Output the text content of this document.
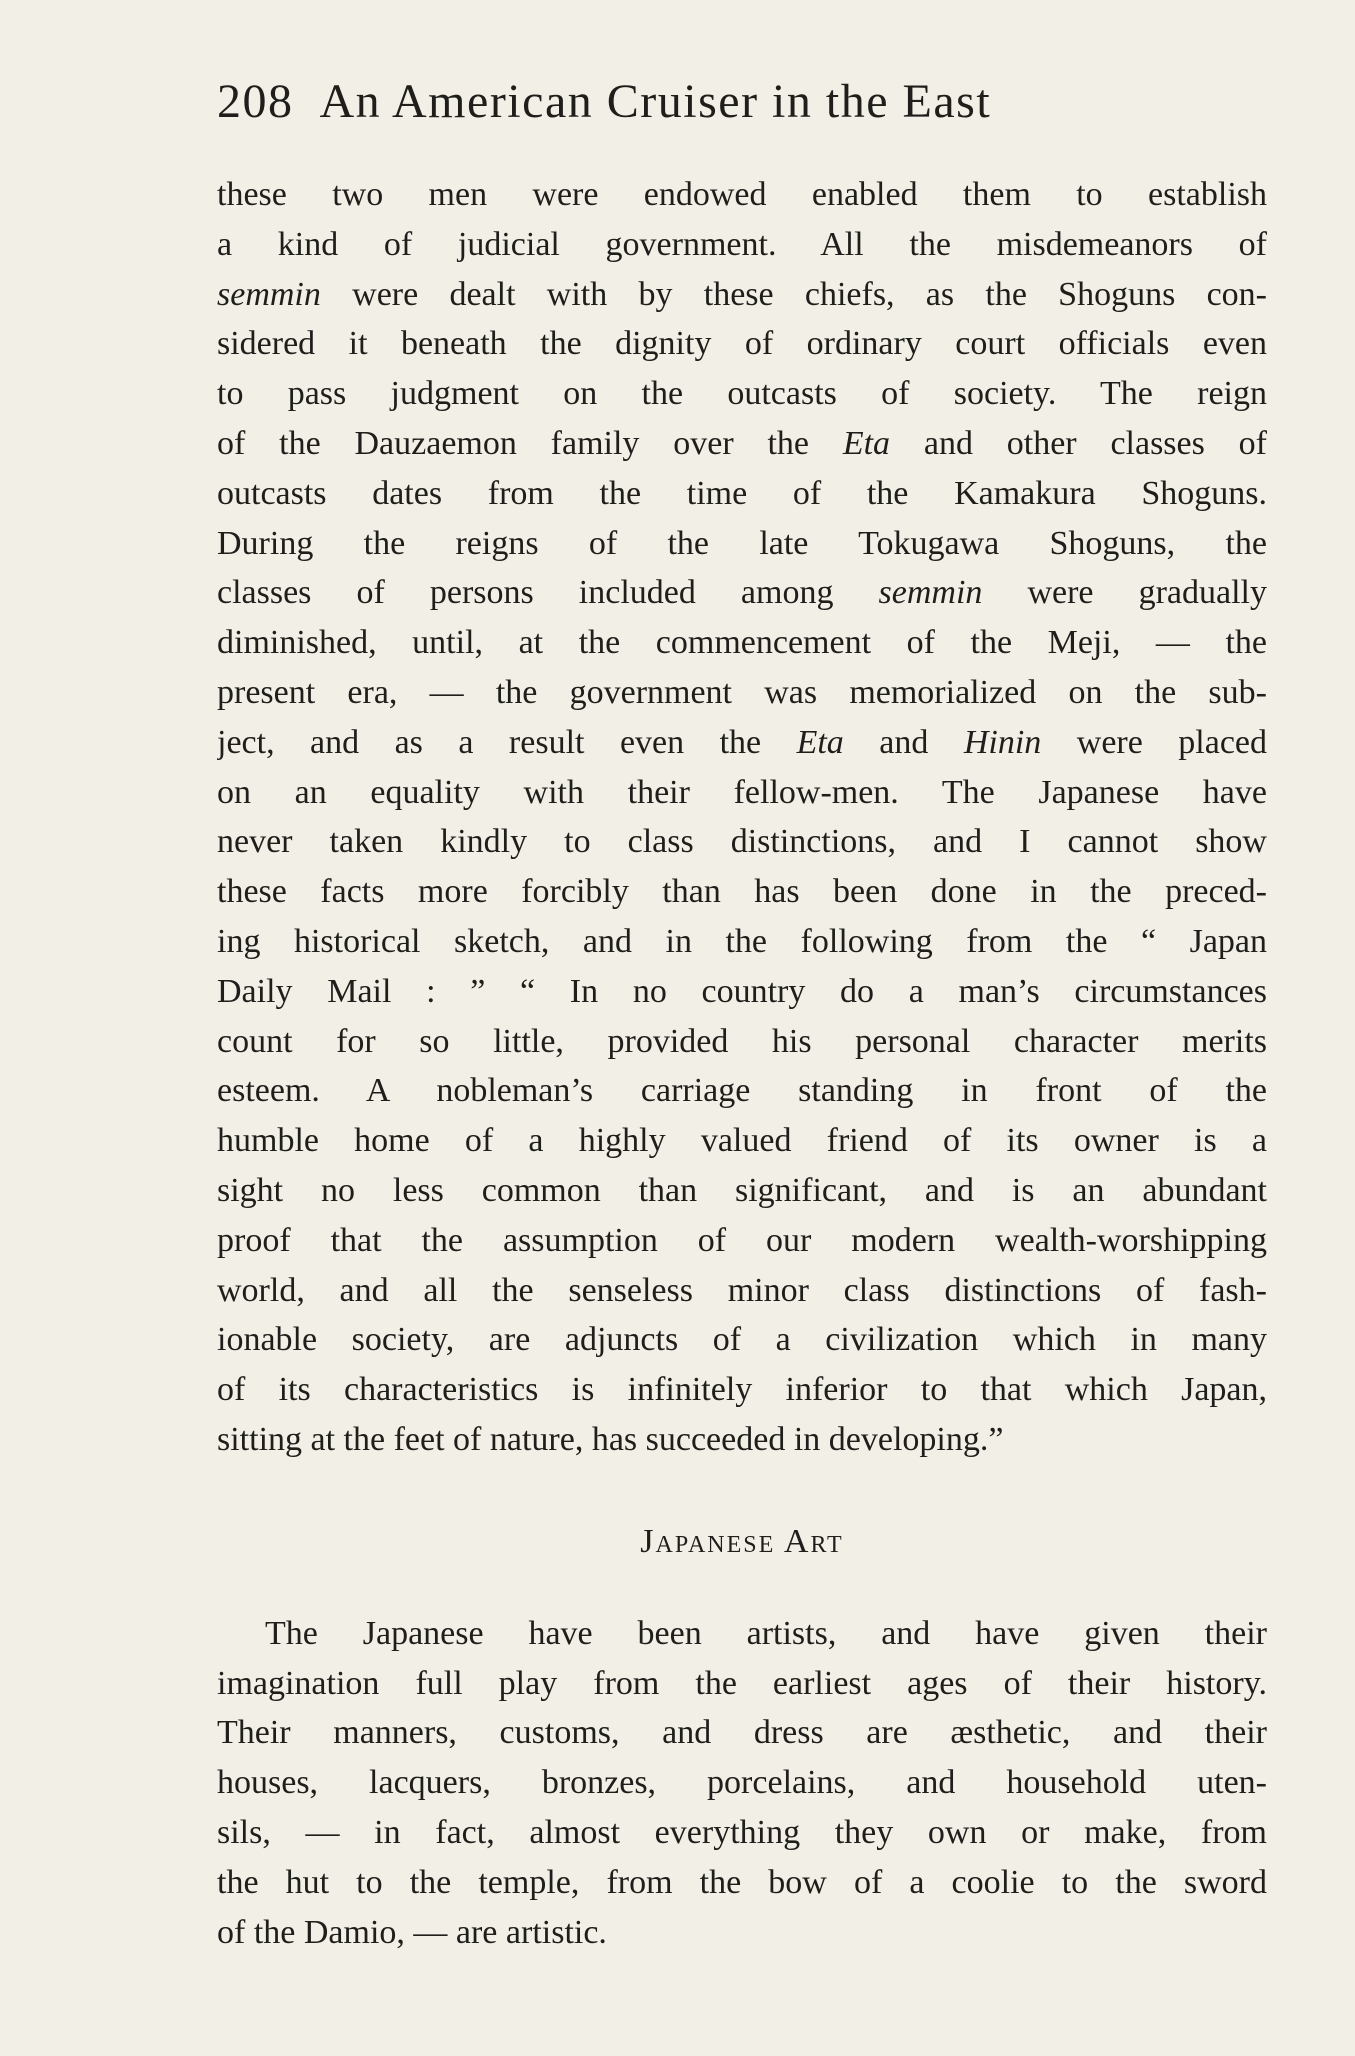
208 An American Cruiser in the East
these two men were endowed enabled them to establish
a kind of judicial government. All the misdemeanors of
semmin were dealt with by these chiefs, as the Shoguns con-
sidered it beneath the dignity of ordinary court officials even
to pass judgment on the outcasts of society. The reign
of the Dauzaemon family over the Eta and other classes of
outcasts dates from the time of the Kamakura Shoguns.
During the reigns of the late Tokugawa Shoguns, the
classes of persons included among semmin were gradually
diminished, until, at the commencement of the Meji, — the
present era, — the government was memorialized on the sub-
ject, and as a result even the Eta and Hinin were placed
on an equality with their fellow-men. The Japanese have
never taken kindly to class distinctions, and I cannot show
these facts more forcibly than has been done in the preced-
ing historical sketch, and in the following from the “ Japan
Daily Mail : ” “ In no country do a man’s circumstances
count for so little, provided his personal character merits
esteem. A nobleman’s carriage standing in front of the
humble home of a highly valued friend of its owner is a
sight no less common than significant, and is an abundant
proof that the assumption of our modern wealth-worshipping
world, and all the senseless minor class distinctions of fash-
ionable society, are adjuncts of a civilization which in many
of its characteristics is infinitely inferior to that which Japan,
sitting at the feet of nature, has succeeded in developing.”
Japanese Art
The Japanese have been artists, and have given their
imagination full play from the earliest ages of their history.
Their manners, customs, and dress are æsthetic, and their
houses, lacquers, bronzes, porcelains, and household uten-
sils, — in fact, almost everything they own or make, from
the hut to the temple, from the bow of a coolie to the sword
of the Damio, — are artistic.
